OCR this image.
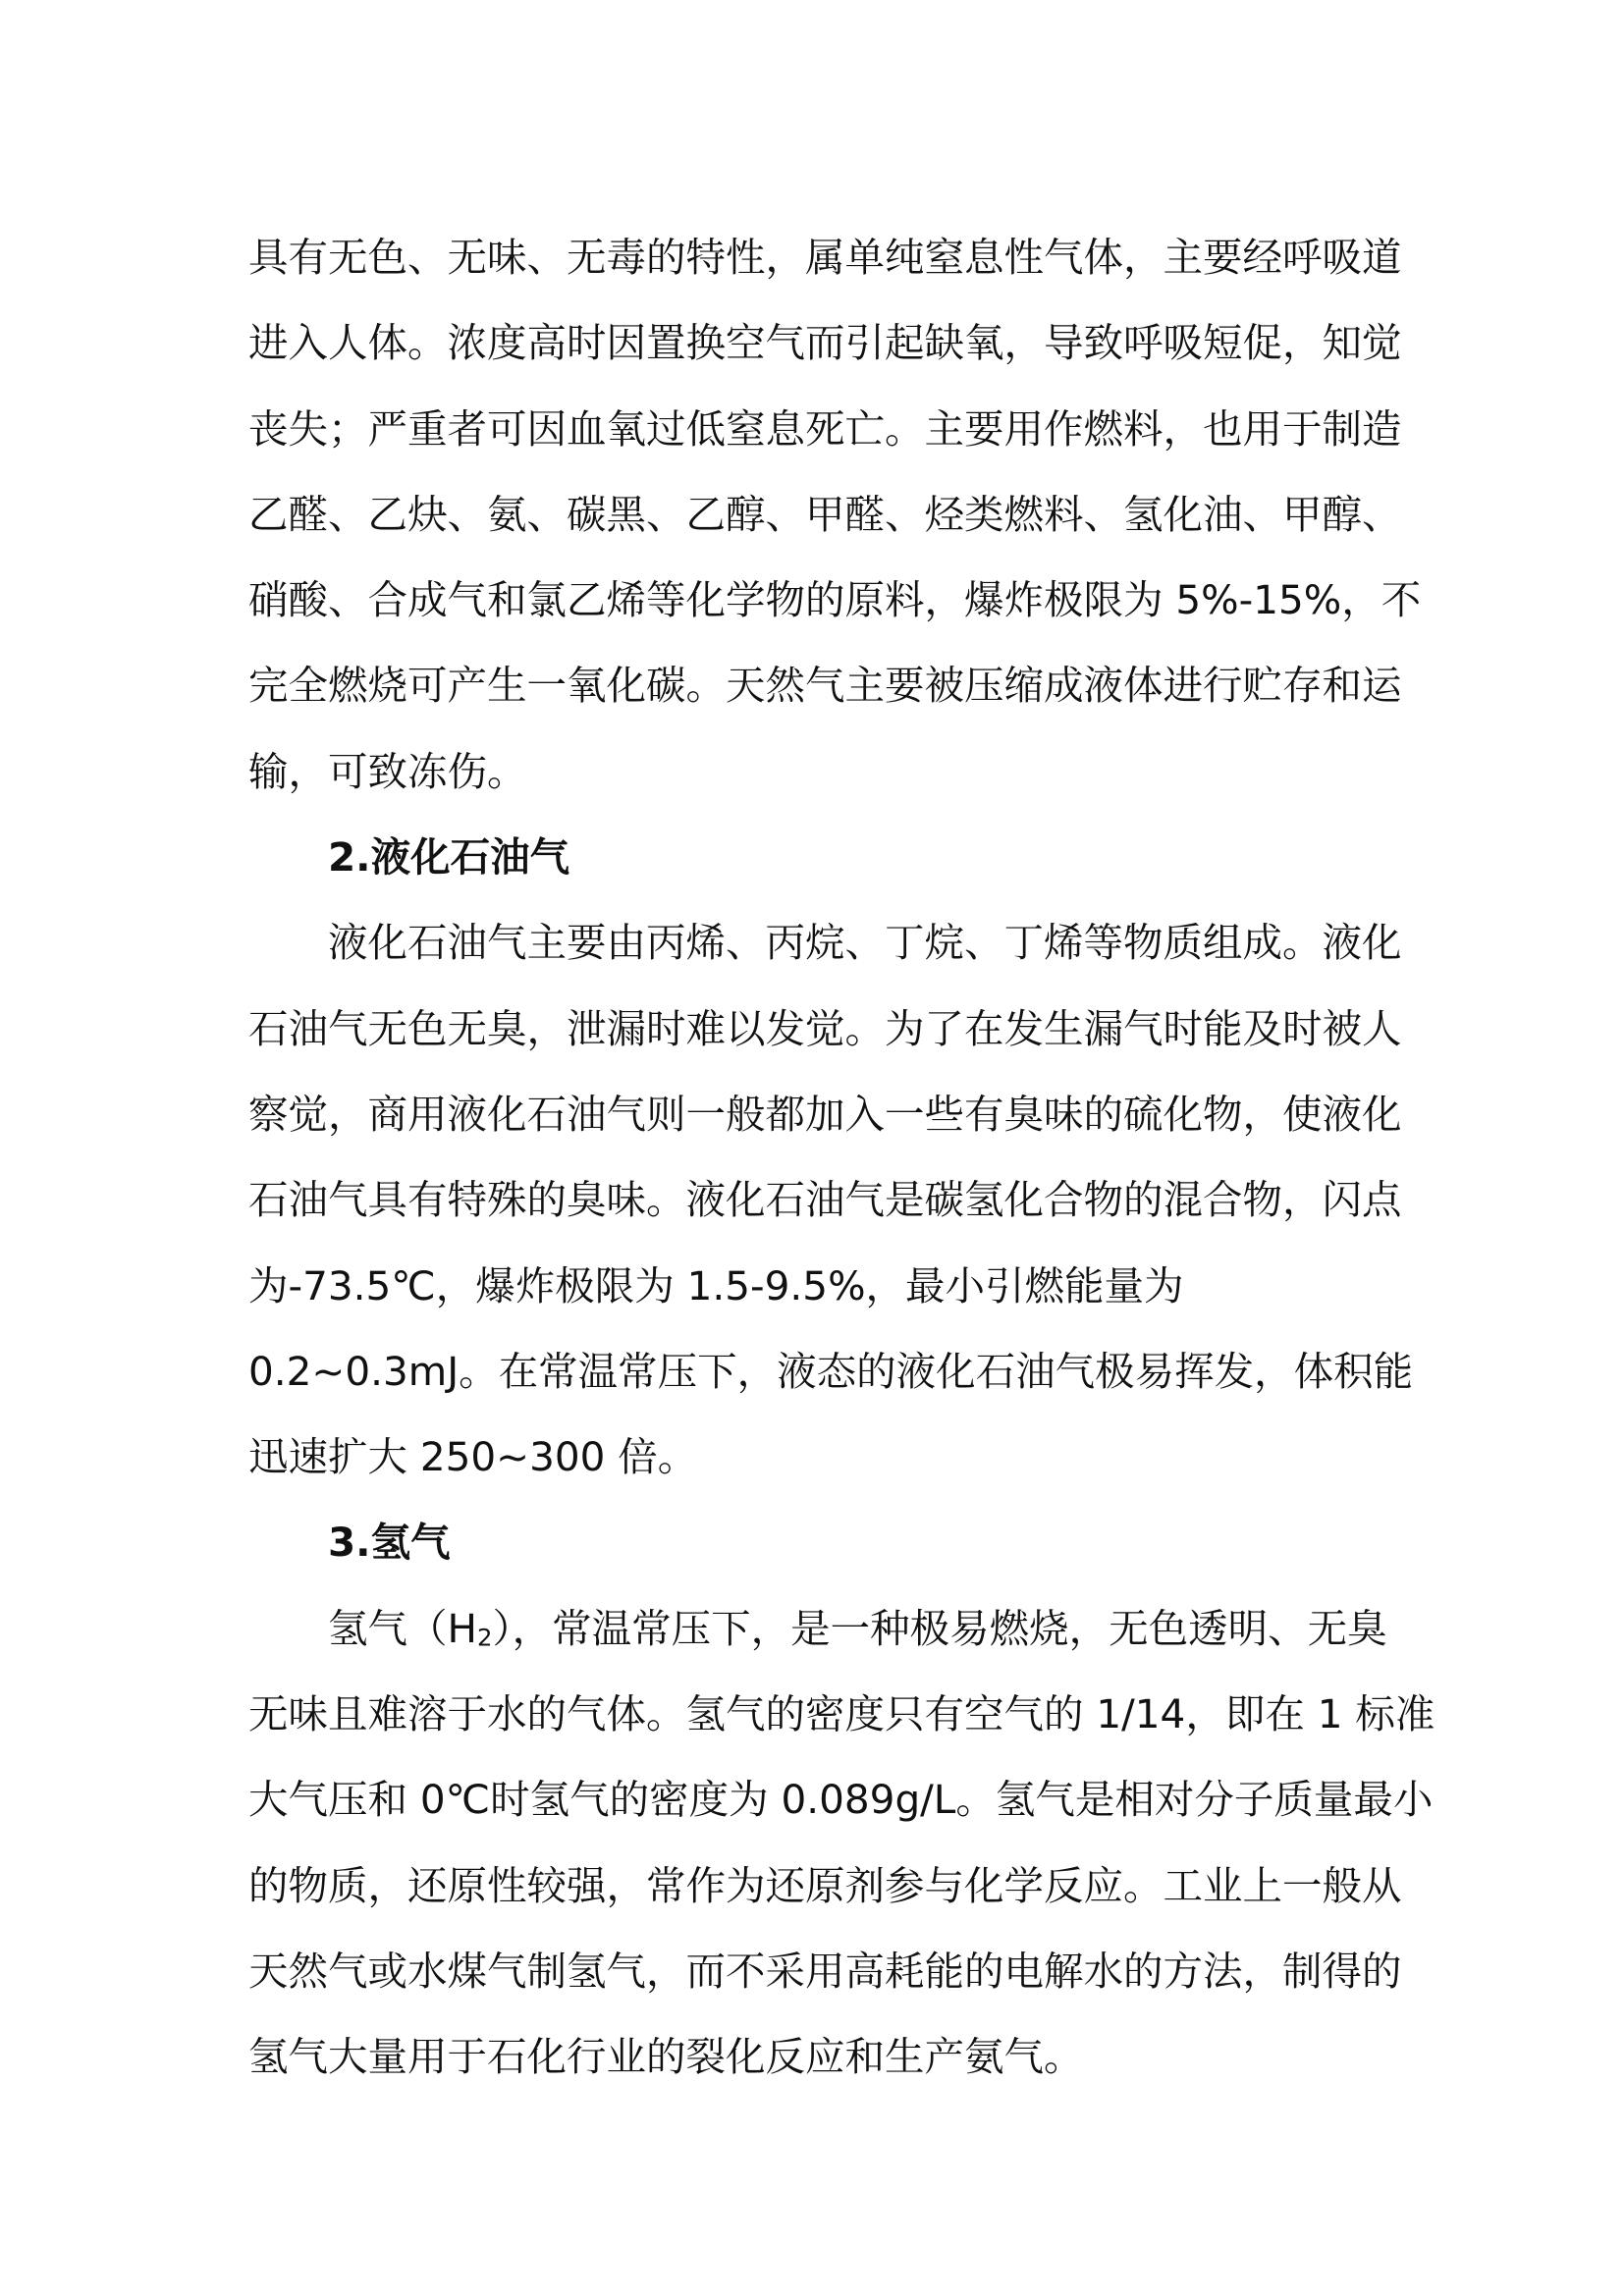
具有无色、无味、无毒的特性，属单纯窒息性气体，主要经呼吸道
进入人体。浓度高时因置换空气而引起缺氧，导致呼吸短促，知觉
丧失；严重者可因血氧过低窒息死亡。主要用作燃料，也用于制造
乙醛、乙炔、氨、碳黑、乙醇、甲醛、烃类燃料、氢化油、甲醇、
硝酸、合成气和氯乙烯等化学物的原料，爆炸极限为 5%-15%，不
完全燃烧可产生一氧化碳。天然气主要被压缩成液体进行贮存和运
输，可致冻伤。
2.液化石油气
液化石油气主要由丙烯、丙烷、丁烷、丁烯等物质组成。液化
石油气无色无臭，泄漏时难以发觉。为了在发生漏气时能及时被人
察觉，商用液化石油气则一般都加入一些有臭味的硫化物，使液化
石油气具有特殊的臭味。液化石油气是碳氢化合物的混合物，闪点
为-73.5℃，爆炸极限为 1.5-9.5%，最小引燃能量为
0.2~0.3mJ。在常温常压下，液态的液化石油气极易挥发，体积能
迅速扩大 250~300 倍。
3.氢气
氢气$(H_2)$，常温常压下，是一种极易燃烧，无色透明、无臭
无味且难溶于水的气体。氢气的密度只有空气的 1/14，即在 1 标准
大气压和 0℃时氢气的密度为 0.089g/L。氢气是相对分子质量最小
的物质，还原性较强，常作为还原剂参与化学反应。工业上一般从
天然气或水煤气制氢气，而不采用高耗能的电解水的方法，制得的
氢气大量用于石化行业的裂化反应和生产氨气。
